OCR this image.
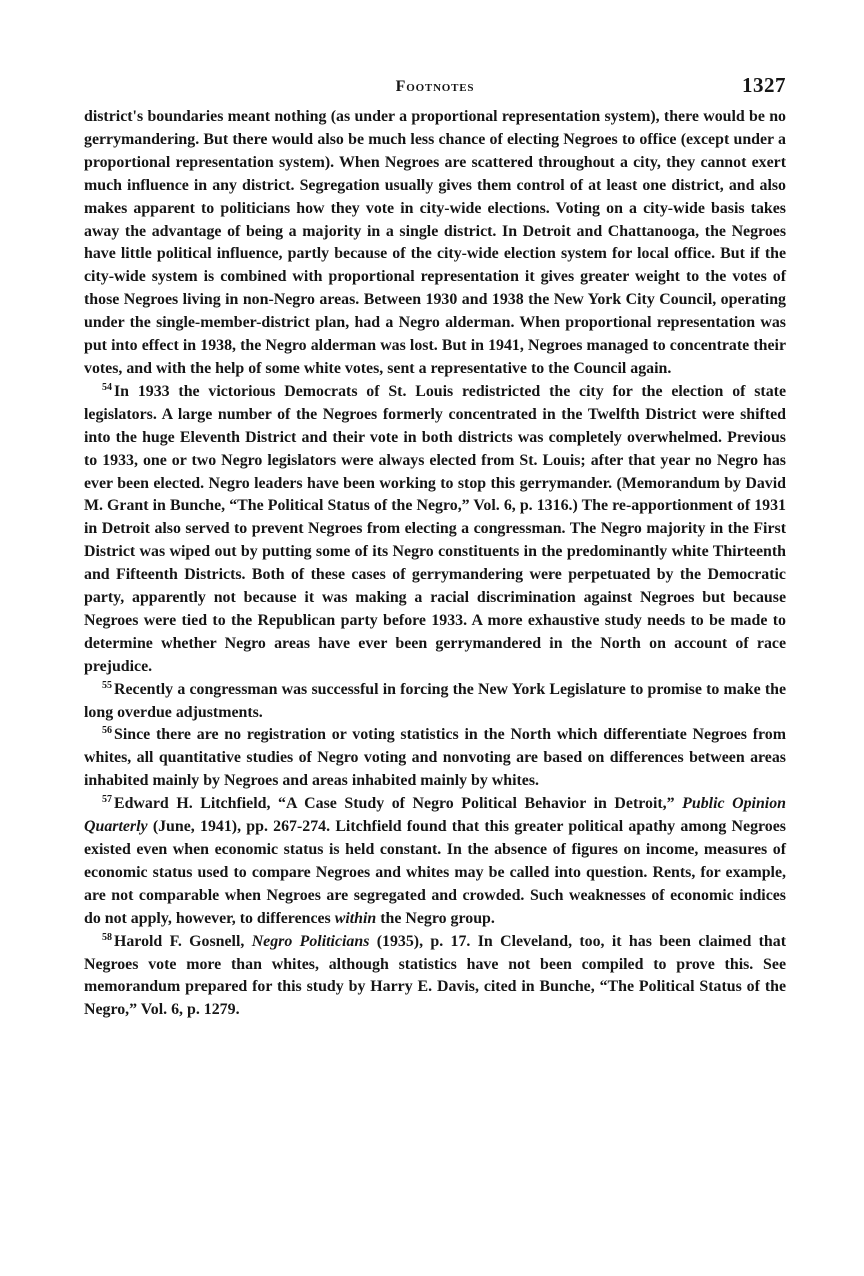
Footnotes	1327

district's boundaries meant nothing (as under a proportional representation system), there would be no gerrymandering. But there would also be much less chance of electing Negroes to office (except under a proportional representation system). When Negroes are scattered throughout a city, they cannot exert much influence in any district. Segregation usually gives them control of at least one district, and also makes apparent to politicians how they vote in city-wide elections. Voting on a city-wide basis takes away the advantage of being a majority in a single district. In Detroit and Chattanooga, the Negroes have little political influence, partly because of the city-wide election system for local office. But if the city-wide system is combined with proportional representation it gives greater weight to the votes of those Negroes living in non-Negro areas. Between 1930 and 1938 the New York City Council, operating under the single-member-district plan, had a Negro alderman. When proportional representation was put into effect in 1938, the Negro alderman was lost. But in 1941, Negroes managed to concentrate their votes, and with the help of some white votes, sent a representative to the Council again.

$^{54}$ In 1933 the victorious Democrats of St. Louis redistricted the city for the election of state legislators. A large number of the Negroes formerly concentrated in the Twelfth District were shifted into the huge Eleventh District and their vote in both districts was completely overwhelmed. Previous to 1933, one or two Negro legislators were always elected from St. Louis; after that year no Negro has ever been elected. Negro leaders have been working to stop this gerrymander. (Memorandum by David M. Grant in Bunche, “The Political Status of the Negro,” Vol. 6, p. 1316.) The re-apportionment of 1931 in Detroit also served to prevent Negroes from electing a congressman. The Negro majority in the First District was wiped out by putting some of its Negro constituents in the predominantly white Thirteenth and Fifteenth Districts. Both of these cases of gerrymandering were perpetuated by the Democratic party, apparently not because it was making a racial discrimination against Negroes but because Negroes were tied to the Republican party before 1933. A more exhaustive study needs to be made to determine whether Negro areas have ever been gerrymandered in the North on account of race prejudice.

$^{55}$ Recently a congressman was successful in forcing the New York Legislature to promise to make the long overdue adjustments.

$^{56}$ Since there are no registration or voting statistics in the North which differentiate Negroes from whites, all quantitative studies of Negro voting and nonvoting are based on differences between areas inhabited mainly by Negroes and areas inhabited mainly by whites.

$^{57}$ Edward H. Litchfield, “A Case Study of Negro Political Behavior in Detroit,” Public Opinion Quarterly (June, 1941), pp. 267-274. Litchfield found that this greater political apathy among Negroes existed even when economic status is held constant. In the absence of figures on income, measures of economic status used to compare Negroes and whites may be called into question. Rents, for example, are not comparable when Negroes are segregated and crowded. Such weaknesses of economic indices do not apply, however, to differences within the Negro group.

$^{58}$ Harold F. Gosnell, Negro Politicians (1935), p. 17. In Cleveland, too, it has been claimed that Negroes vote more than whites, although statistics have not been compiled to prove this. See memorandum prepared for this study by Harry E. Davis, cited in Bunche, “The Political Status of the Negro,” Vol. 6, p. 1279.
